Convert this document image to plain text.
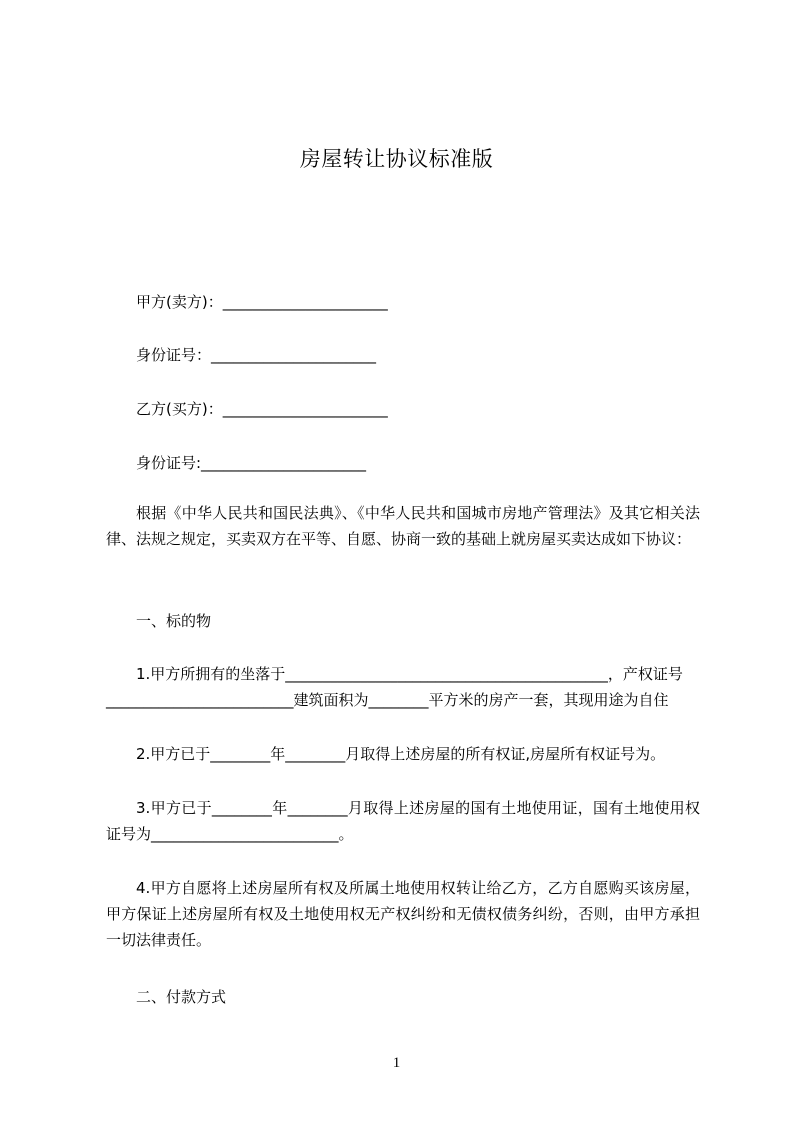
房屋转让协议标准版
甲方(卖方)：______________________
身份证号：______________________
乙方(买方)：______________________
身份证号:______________________
根据《中华人民共和国民法典》、《中华人民共和国城市房地产管理法》及其它相关法律、法规之规定，买卖双方在平等、自愿、协商一致的基础上就房屋买卖达成如下协议：
一、标的物
1.甲方所拥有的坐落于___________________________________________，产权证号
_________________________建筑面积为________平方米的房产一套，其现用途为自住
2.甲方已于________年________月取得上述房屋的所有权证,房屋所有权证号为。
3.甲方已于________年________月取得上述房屋的国有土地使用证，国有土地使用权证号为_________________________。
4.甲方自愿将上述房屋所有权及所属土地使用权转让给乙方，乙方自愿购买该房屋，甲方保证上述房屋所有权及土地使用权无产权纠纷和无债权债务纠纷，否则，由甲方承担一切法律责任。
二、付款方式
1
